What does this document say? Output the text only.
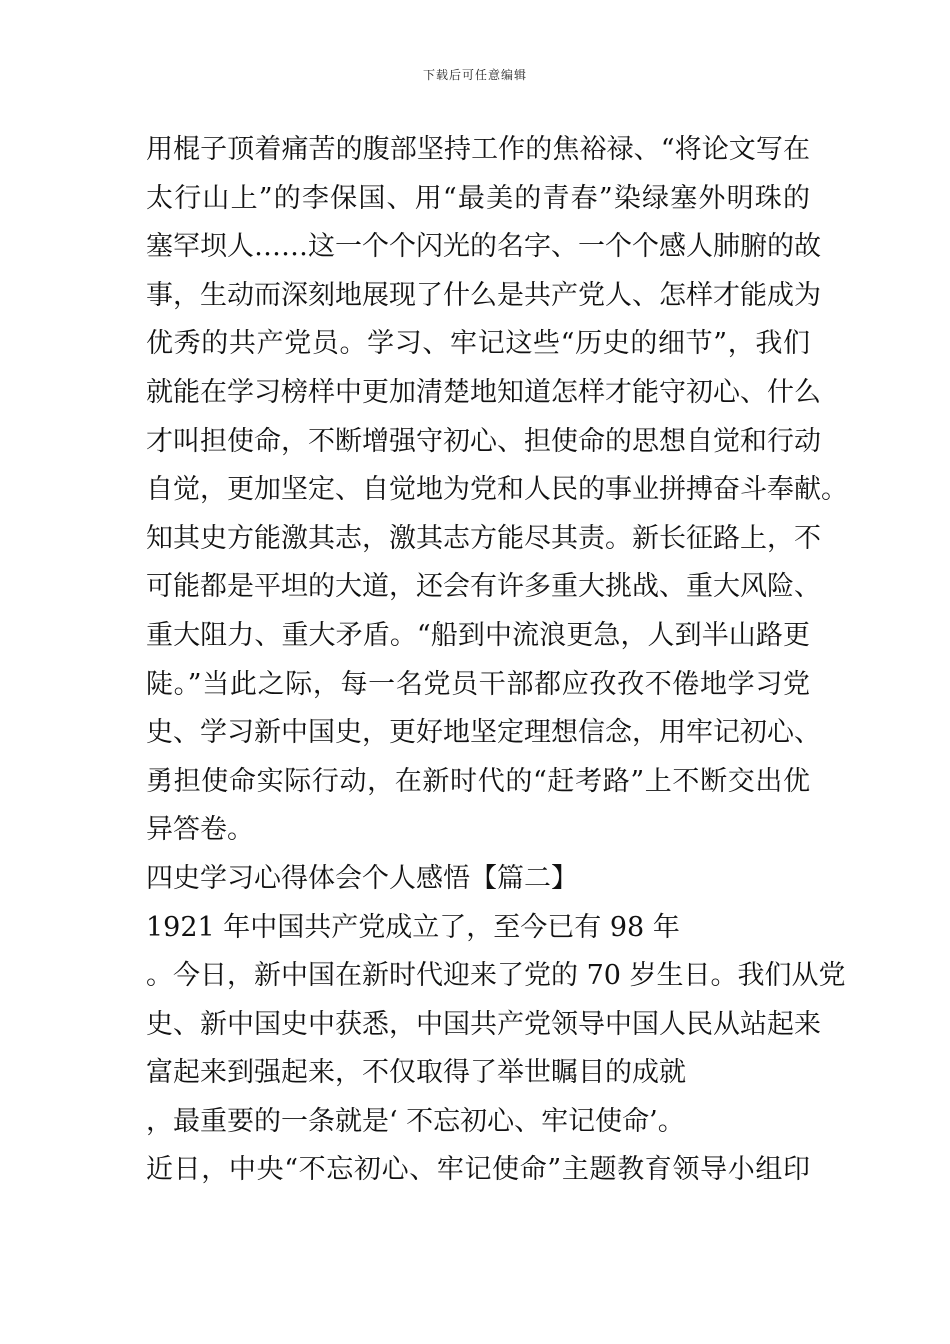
下载后可任意编辑
用棍子顶着痛苦的腹部坚持工作的焦裕禄、“将论文写在
太行山上”的李保国、用“最美的青春”染绿塞外明珠的
塞罕坝人……这一个个闪光的名字、一个个感人肺腑的故
事，生动而深刻地展现了什么是共产党人、怎样才能成为
优秀的共产党员。学习、牢记这些“历史的细节”，我们
就能在学习榜样中更加清楚地知道怎样才能守初心、什么
才叫担使命，不断增强守初心、担使命的思想自觉和行动
自觉，更加坚定、自觉地为党和人民的事业拼搏奋斗奉献。
知其史方能激其志，激其志方能尽其责。新长征路上，不
可能都是平坦的大道，还会有许多重大挑战、重大风险、
重大阻力、重大矛盾。“船到中流浪更急，人到半山路更
陡。”当此之际，每一名党员干部都应孜孜不倦地学习党
史、学习新中国史，更好地坚定理想信念，用牢记初心、
勇担使命实际行动，在新时代的“赶考路”上不断交出优
异答卷。
四史学习心得体会个人感悟【篇二】
1921 年中国共产党成立了，至今已有 98 年
。今日，新中国在新时代迎来了党的 70 岁生日。我们从党
史、新中国史中获悉，中国共产党领导中国人民从站起来
富起来到强起来，不仅取得了举世瞩目的成就
，最重要的一条就是‘ 不忘初心、牢记使命’。
近日，中央“不忘初心、牢记使命”主题教育领导小组印
